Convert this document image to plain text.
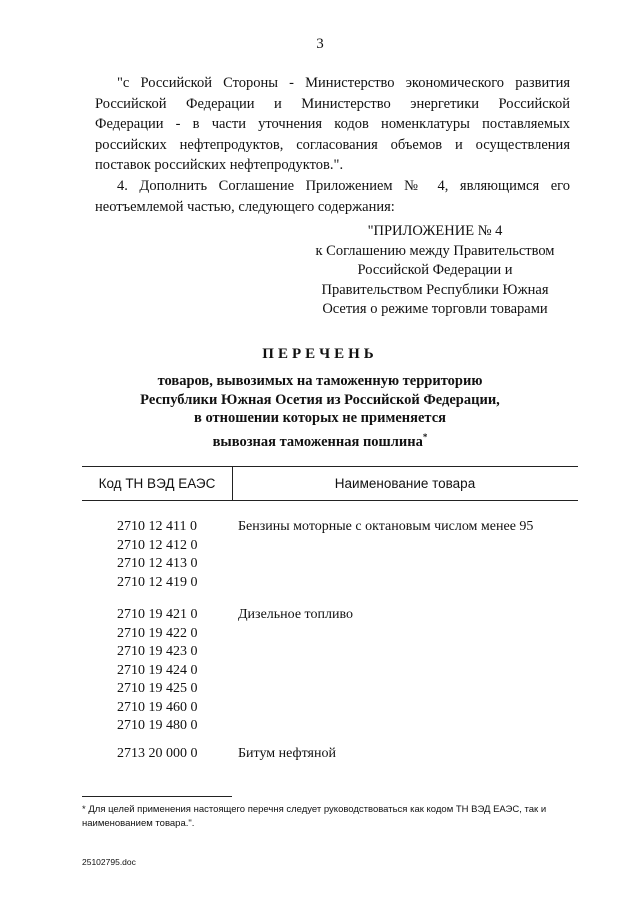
3
"с Российской Стороны - Министерство экономического развития
Российской Федерации и Министерство энергетики Российской
Федерации - в части уточнения кодов номенклатуры поставляемых
российских нефтепродуктов, согласования объемов и осуществления
поставок российских нефтепродуктов.".
4. Дополнить Соглашение Приложением № 4, являющимся его
неотъемлемой частью, следующего содержания:
"ПРИЛОЖЕНИЕ № 4
к Соглашению между Правительством
Российской Федерации и
Правительством Республики Южная
Осетия о режиме торговли товарами
ПЕРЕЧЕНЬ
товаров, вывозимых на таможенную территорию
Республики Южная Осетия из Российской Федерации,
в отношении которых не применяется
вывозная таможенная пошлина*
Код ТН ВЭД ЕАЭС	Наименование товара
2710 12 411 0
2710 12 412 0
2710 12 413 0
2710 12 419 0
Бензины моторные с октановым числом менее 95
2710 19 421 0
2710 19 422 0
2710 19 423 0
2710 19 424 0
2710 19 425 0
2710 19 460 0
2710 19 480 0
Дизельное топливо
2713 20 000 0	Битум нефтяной
* Для целей применения настоящего перечня следует руководствоваться как кодом ТН ВЭД ЕАЭС, так и
наименованием товара.".
25102795.doc
